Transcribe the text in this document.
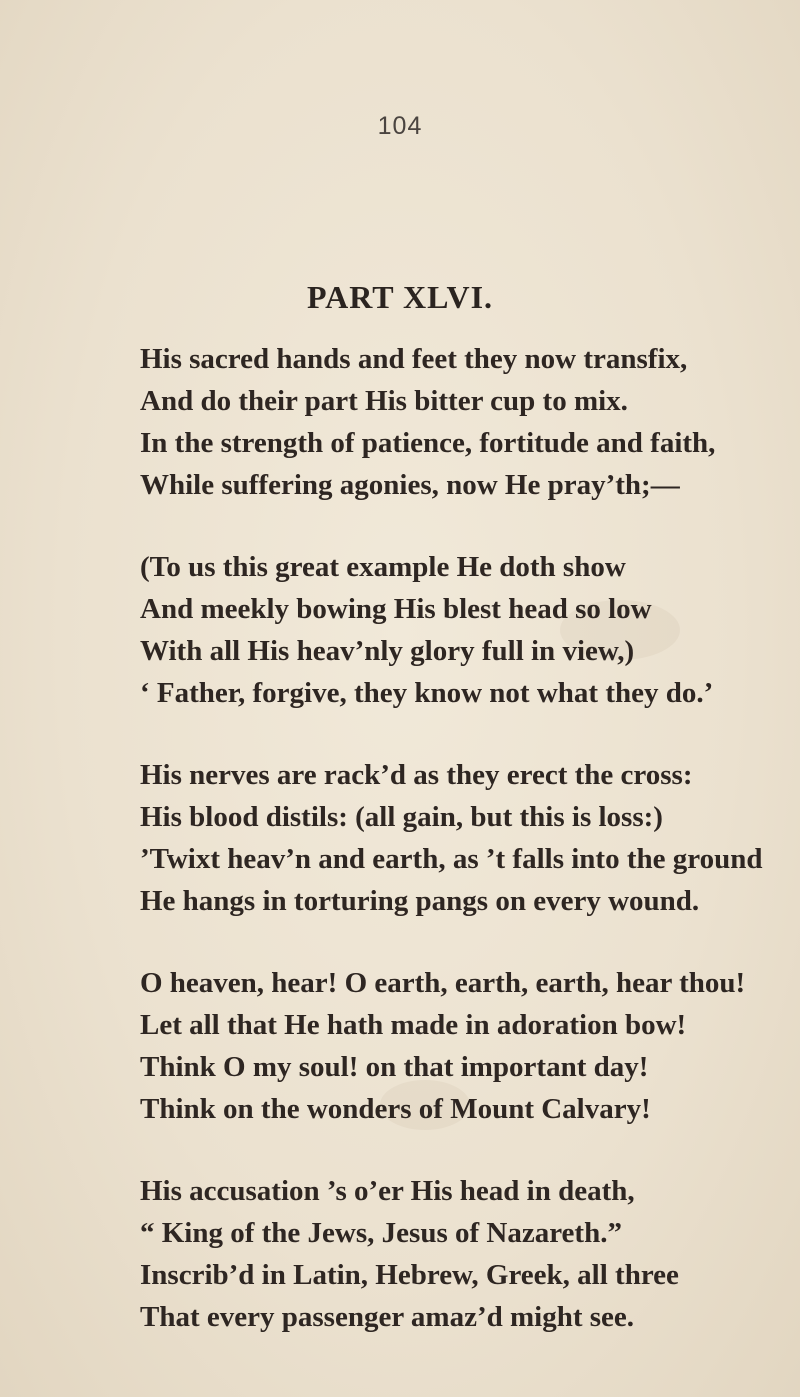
104
PART XLVI.
His sacred hands and feet they now transfix,
And do their part His bitter cup to mix.
In the strength of patience, fortitude and faith,
While suffering agonies, now He pray’th;—
(To us this great example He doth show
And meekly bowing His blest head so low
With all His heav’nly glory full in view,)
‘ Father, forgive, they know not what they do.’
His nerves are rack’d as they erect the cross:
His blood distils: (all gain, but this is loss:)
’Twixt heav’n and earth, as ’t falls into the ground
He hangs in torturing pangs on every wound.
O heaven, hear! O earth, earth, earth, hear thou!
Let all that He hath made in adoration bow!
Think O my soul! on that important day!
Think on the wonders of Mount Calvary!
His accusation ’s o’er His head in death,
“ King of the Jews, Jesus of Nazareth.”
Inscrib’d in Latin, Hebrew, Greek, all three
That every passenger amaz’d might see.
